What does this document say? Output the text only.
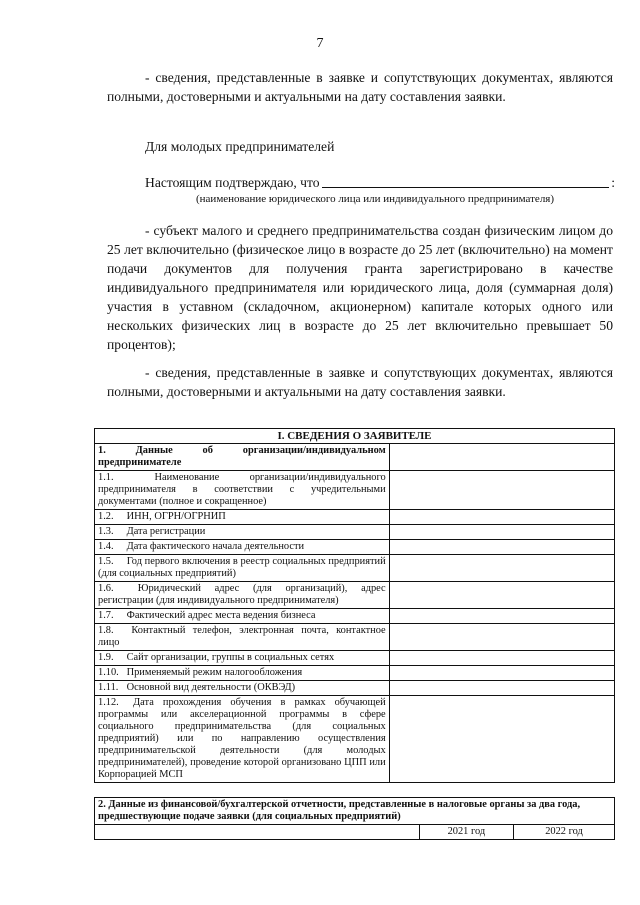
7
- сведения, представленные в заявке и сопутствующих документах, являются полными, достоверными и актуальными на дату составления заявки.
Для молодых предпринимателей
Настоящим подтверждаю, что	:
(наименование юридического лица или индивидуального предпринимателя)
- субъект малого и среднего предпринимательства создан физическим лицом до 25 лет включительно (физическое лицо в возрасте до 25 лет (включительно) на момент подачи документов для получения гранта зарегистрировано в качестве индивидуального предпринимателя или юридического лица, доля (суммарная доля) участия в уставном (складочном, акционерном) капитале которых одного или нескольких физических лиц в возрасте до 25 лет включительно превышает 50 процентов);
- сведения, представленные в заявке и сопутствующих документах, являются полными, достоверными и актуальными на дату составления заявки.
I. СВЕДЕНИЯ О ЗАЯВИТЕЛЕ	
1. Данные об организации/индивидуальном предпринимателе	
1.1. Наименование организации/индивидуального предпринимателя в соответствии с учредительными документами (полное и сокращенное)	
1.2. ИНН, ОГРН/ОГРНИП	
1.3. Дата регистрации	
1.4. Дата фактического начала деятельности	
1.5. Год первого включения в реестр социальных предприятий (для социальных предприятий)	
1.6. Юридический адрес (для организаций), адрес регистрации (для индивидуального предпринимателя)	
1.7. Фактический адрес места ведения бизнеса	
1.8. Контактный телефон, электронная почта, контактное лицо	
1.9. Сайт организации, группы в социальных сетях	
1.10. Применяемый режим налогообложения	
1.11. Основной вид деятельности (ОКВЭД)	
1.12. Дата прохождения обучения в рамках обучающей программы или акселерационной программы в сфере социального предпринимательства (для социальных предприятий) или по направлению осуществления предпринимательской деятельности (для молодых предпринимателей), проведение которой организовано ЦПП или Корпорацией МСП	
2. Данные из финансовой/бухгалтерской отчетности, представленные в налоговые органы за два года, предшествующие подаче заявки (для социальных предприятий)
	2021 год	2022 год
